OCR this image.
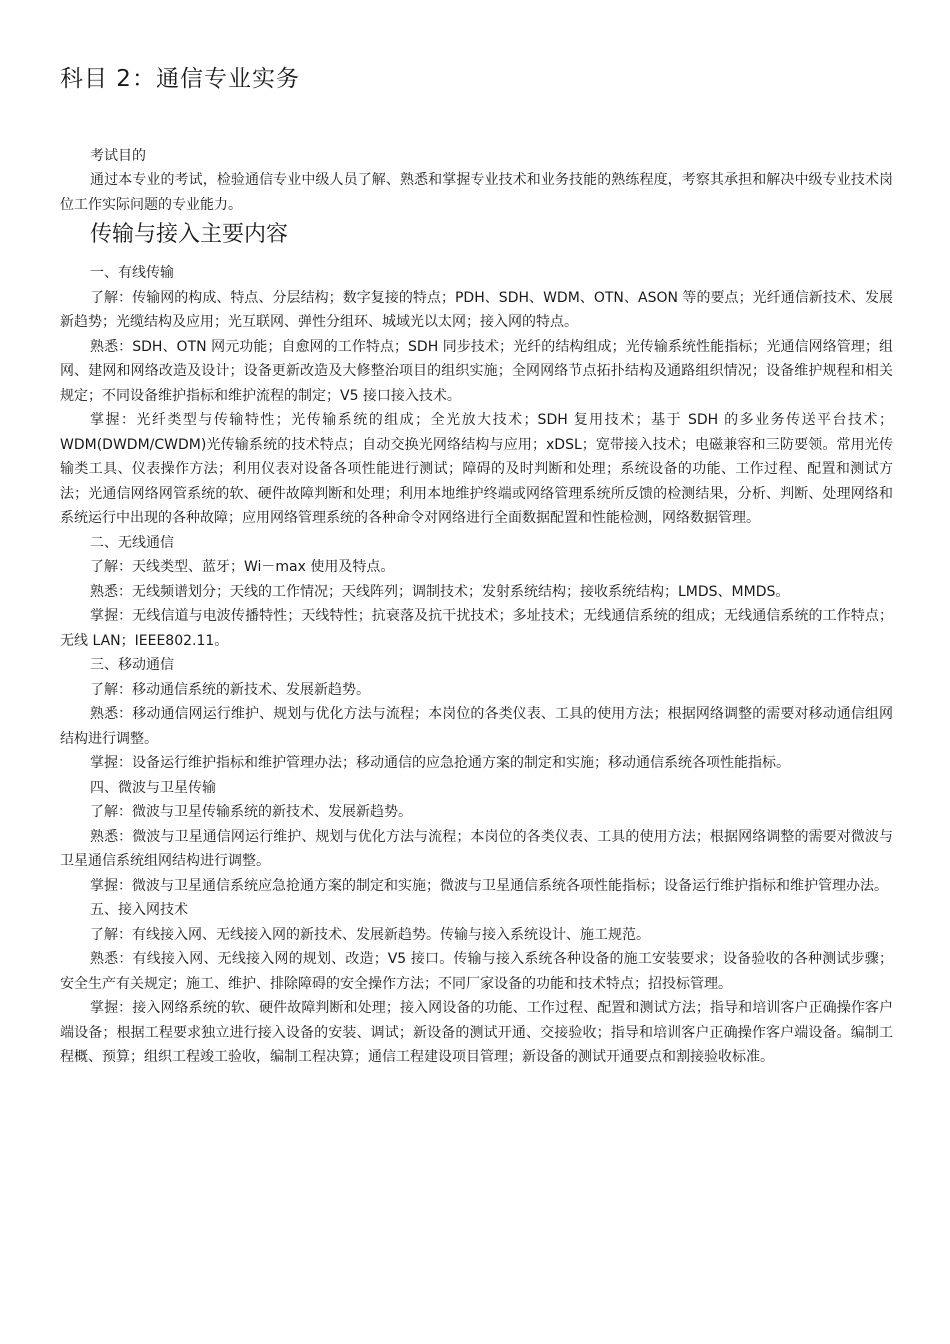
科目 2：通信专业实务
考试目的

通过本专业的考试，检验通信专业中级人员了解、熟悉和掌握专业技术和业务技能的熟练程度，考察其承担和解决中级专业技术岗位工作实际问题的专业能力。

传输与接入主要内容
一、有线传输

了解：传输网的构成、特点、分层结构；数字复接的特点；PDH、SDH、WDM、OTN、ASON 等的要点；光纤通信新技术、发展新趋势；光缆结构及应用；光互联网、弹性分组环、城域光以太网；接入网的特点。

熟悉：SDH、OTN 网元功能；自愈网的工作特点；SDH 同步技术；光纤的结构组成；光传输系统性能指标；光通信网络管理；组网、建网和网络改造及设计；设备更新改造及大修整治项目的组织实施；全网网络节点拓扑结构及通路组织情况；设备维护规程和相关规定；不同设备维护指标和维护流程的制定；V5 接口接入技术。

掌握：光纤类型与传输特性；光传输系统的组成；全光放大技术；SDH 复用技术；基于 SDH 的多业务传送平台技术；WDM(DWDM/CWDM)光传输系统的技术特点；自动交换光网络结构与应用；xDSL；宽带接入技术；电磁兼容和三防要领。常用光传输类工具、仪表操作方法；利用仪表对设备各项性能进行测试；障碍的及时判断和处理；系统设备的功能、工作过程、配置和测试方法；光通信网络网管系统的软、硬件故障判断和处理；利用本地维护终端或网络管理系统所反馈的检测结果，分析、判断、处理网络和系统运行中出现的各种故障；应用网络管理系统的各种命令对网络进行全面数据配置和性能检测，网络数据管理。

二、无线通信

了解：天线类型、蓝牙；Wi－max 使用及特点。

熟悉：无线频谱划分；天线的工作情况；天线阵列；调制技术；发射系统结构；接收系统结构；LMDS、MMDS。

掌握：无线信道与电波传播特性；天线特性；抗衰落及抗干扰技术；多址技术；无线通信系统的组成；无线通信系统的工作特点；无线 LAN；IEEE802.11。

三、移动通信

了解：移动通信系统的新技术、发展新趋势。

熟悉：移动通信网运行维护、规划与优化方法与流程；本岗位的各类仪表、工具的使用方法；根据网络调整的需要对移动通信组网结构进行调整。

掌握：设备运行维护指标和维护管理办法；移动通信的应急抢通方案的制定和实施；移动通信系统各项性能指标。

四、微波与卫星传输

了解：微波与卫星传输系统的新技术、发展新趋势。

熟悉：微波与卫星通信网运行维护、规划与优化方法与流程；本岗位的各类仪表、工具的使用方法；根据网络调整的需要对微波与卫星通信系统组网结构进行调整。

掌握：微波与卫星通信系统应急抢通方案的制定和实施；微波与卫星通信系统各项性能指标；设备运行维护指标和维护管理办法。

五、接入网技术

了解：有线接入网、无线接入网的新技术、发展新趋势。传输与接入系统设计、施工规范。

熟悉：有线接入网、无线接入网的规划、改造；V5 接口。传输与接入系统各种设备的施工安装要求；设备验收的各种测试步骤；安全生产有关规定；施工、维护、排除障碍的安全操作方法；不同厂家设备的功能和技术特点；招投标管理。

掌握：接入网络系统的软、硬件故障判断和处理；接入网设备的功能、工作过程、配置和测试方法；指导和培训客户正确操作客户端设备；根据工程要求独立进行接入设备的安装、调试；新设备的测试开通、交接验收；指导和培训客户正确操作客户端设备。编制工程概、预算；组织工程竣工验收，编制工程决算；通信工程建设项目管理；新设备的测试开通要点和割接验收标准。
